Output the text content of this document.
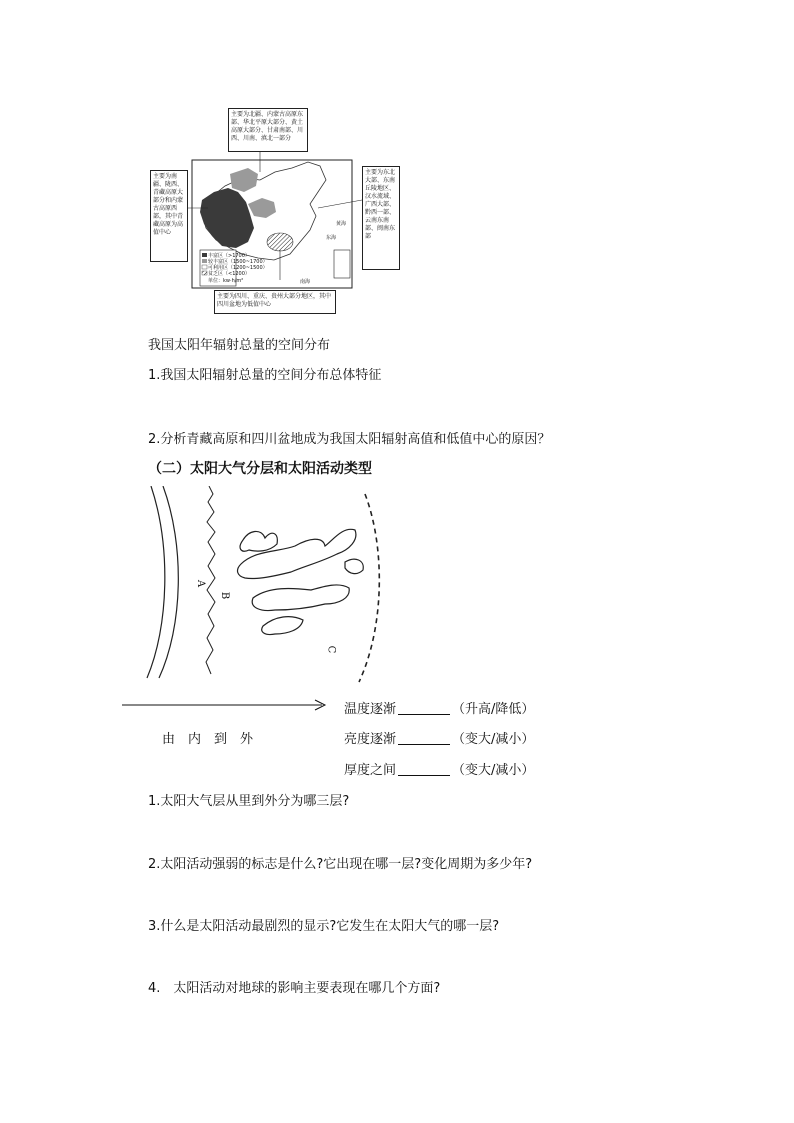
主要为北疆、内蒙古高原东部、华北平原大部分、黄土高原大部分、甘肃南部、川西、川南、滇北一部分
主要为南疆、陇西、青藏高原大部分和内蒙古高原西部，其中青藏高原为高值中心
主要为东北大部、东南丘陵地区、汉水流域、广西大部、黔西一部、云南东南部、闽南东部
主要为四川、重庆、贵州大部分地区，其中四川盆地为低值中心
丰富区（>1700）
较丰富区（1500~1700）
可利用区（1200~1500）
贫乏区（<1200）
单位：kw·h/m²
黄海
东海
南海
我国太阳年辐射总量的空间分布
1.我国太阳辐射总量的空间分布总体特征
2.分析青藏高原和四川盆地成为我国太阳辐射高值和低值中心的原因？
（二）太阳大气分层和太阳活动类型
A
B
C
由　内　到　外
温度逐渐	（升高/降低）
亮度逐渐	（变大/减小）
厚度之间	（变大/减小）
1.太阳大气层从里到外分为哪三层?
2.太阳活动强弱的标志是什么?它出现在哪一层?变化周期为多少年?
3.什么是太阳活动最剧烈的显示?它发生在太阳大气的哪一层?
4.　太阳活动对地球的影响主要表现在哪几个方面?
